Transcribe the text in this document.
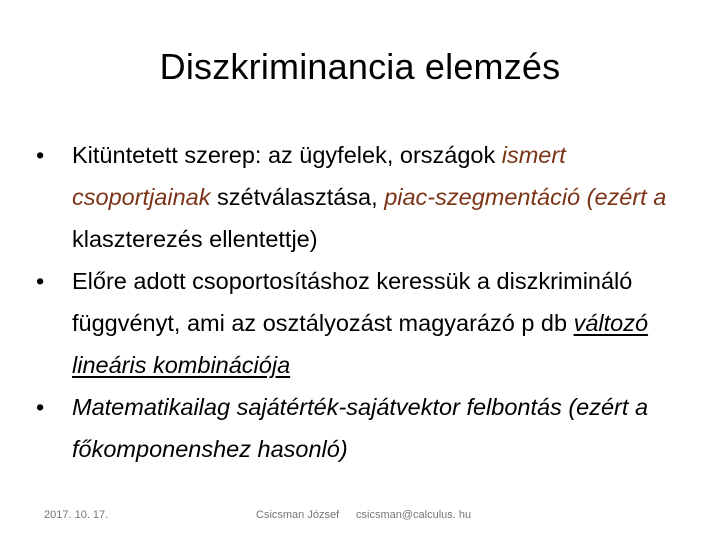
Diszkriminancia elemzés
•	Kitüntetett szerep: az ügyfelek, országok ismert csoportjainak szétválasztása, piac-szegmentáció (ezért a klaszterezés ellentettje)
•	Előre adott csoportosításhoz keressük a diszkrimináló függvényt, ami az osztályozást magyarázó p db változó lineáris kombinációja
•	Matematikailag sajátérték-sajátvektor felbontás (ezért a főkomponenshez hasonló)
2017. 10. 17.	Csicsman József csicsman@calculus. hu
